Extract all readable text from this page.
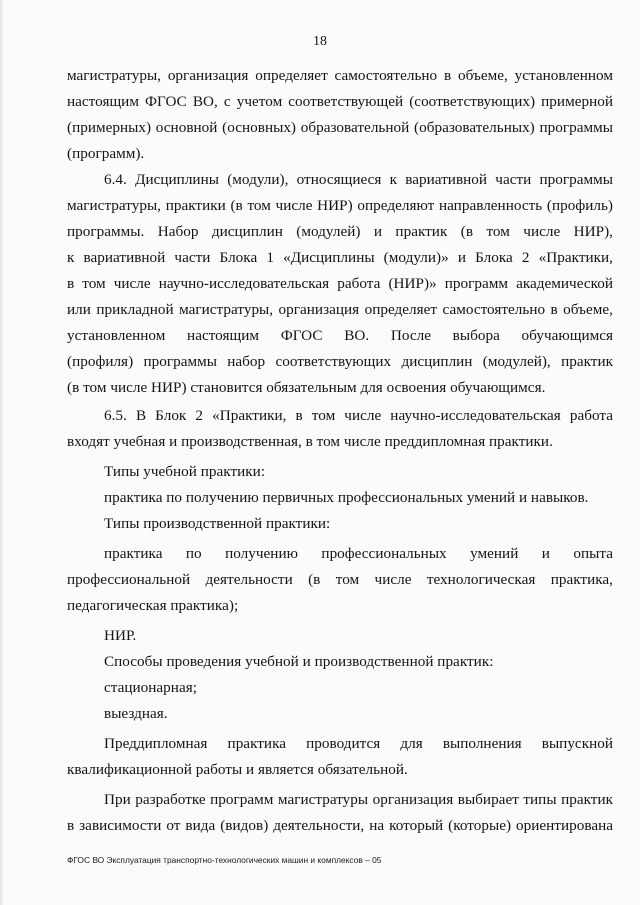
18
магистратуры, организация определяет самостоятельно в объеме, установленном
настоящим ФГОС ВО, с учетом соответствующей (соответствующих) примерной
(примерных) основной (основных) образовательной (образовательных) программы
(программ).
6.4. Дисциплины (модули), относящиеся к вариативной части программы
магистратуры, практики (в том числе НИР) определяют направленность (профиль)
программы. Набор дисциплин (модулей) и практик (в том числе НИР),
к вариативной части Блока 1 «Дисциплины (модули)» и Блока 2 «Практики,
в том числе научно-исследовательская работа (НИР)» программ академической
или прикладной магистратуры, организация определяет самостоятельно в объеме,
установленном настоящим ФГОС ВО. После выбора обучающимся
(профиля) программы набор соответствующих дисциплин (модулей), практик
(в том числе НИР) становится обязательным для освоения обучающимся.
6.5. В Блок 2 «Практики, в том числе научно-исследовательская работа
входят учебная и производственная, в том числе преддипломная практики.
Типы учебной практики:
практика по получению первичных профессиональных умений и навыков.
Типы производственной практики:
практика по получению профессиональных умений и опыта
профессиональной деятельности (в том числе технологическая практика,
педагогическая практика);
НИР.
Способы проведения учебной и производственной практик:
стационарная;
выездная.
Преддипломная практика проводится для выполнения выпускной
квалификационной работы и является обязательной.
При разработке программ магистратуры организация выбирает типы практик
в зависимости от вида (видов) деятельности, на который (которые) ориентирована
ФГОС ВО Эксплуатация транспортно-технологических машин и комплексов – 05
